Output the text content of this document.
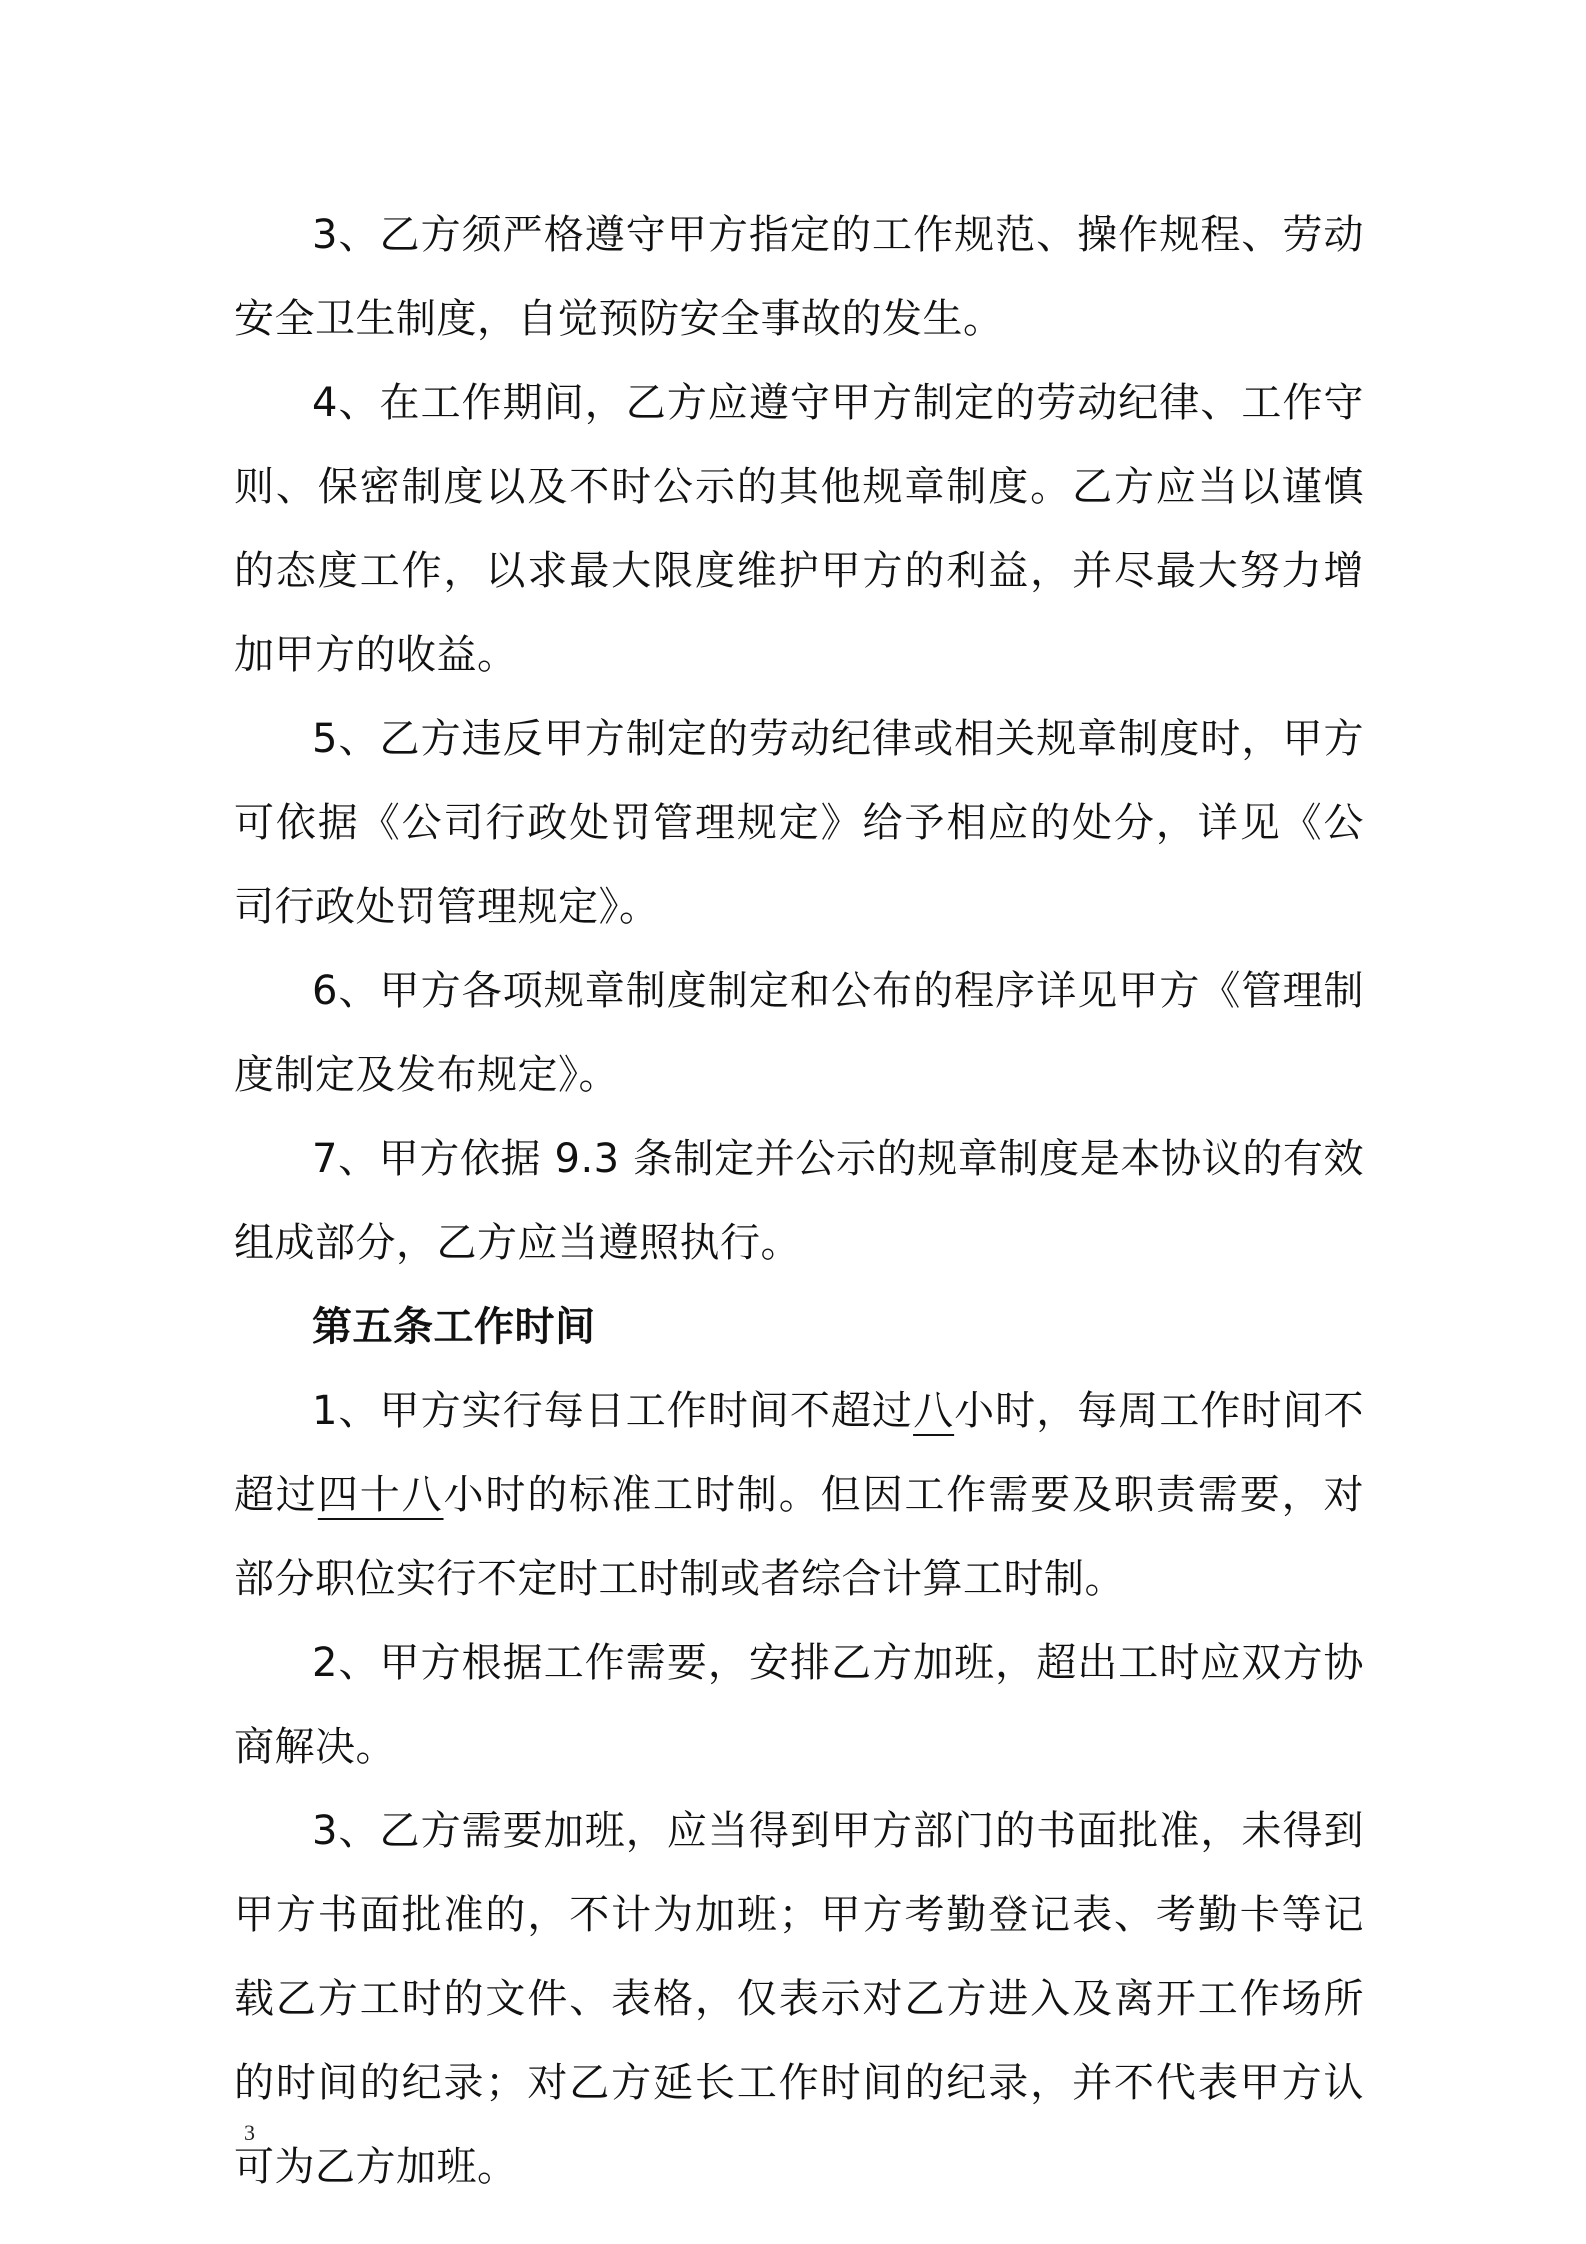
3、乙方须严格遵守甲方指定的工作规范、操作规程、劳动安全卫生制度，自觉预防安全事故的发生。

4、在工作期间，乙方应遵守甲方制定的劳动纪律、工作守则、保密制度以及不时公示的其他规章制度。乙方应当以谨慎的态度工作，以求最大限度维护甲方的利益，并尽最大努力增加甲方的收益。

5、乙方违反甲方制定的劳动纪律或相关规章制度时，甲方可依据《公司行政处罚管理规定》给予相应的处分，详见《公司行政处罚管理规定》。

6、甲方各项规章制度制定和公布的程序详见甲方《管理制度制定及发布规定》。

7、甲方依据 9.3 条制定并公示的规章制度是本协议的有效组成部分，乙方应当遵照执行。

第五条工作时间

1、甲方实行每日工作时间不超过八小时，每周工作时间不超过四十八小时的标准工时制。但因工作需要及职责需要，对部分职位实行不定时工时制或者综合计算工时制。

2、甲方根据工作需要，安排乙方加班，超出工时应双方协商解决。

3、乙方需要加班，应当得到甲方部门的书面批准，未得到甲方书面批准的，不计为加班；甲方考勤登记表、考勤卡等记载乙方工时的文件、表格，仅表示对乙方进入及离开工作场所的时间的纪录；对乙方延长工作时间的纪录，并不代表甲方认可为乙方加班。

3
